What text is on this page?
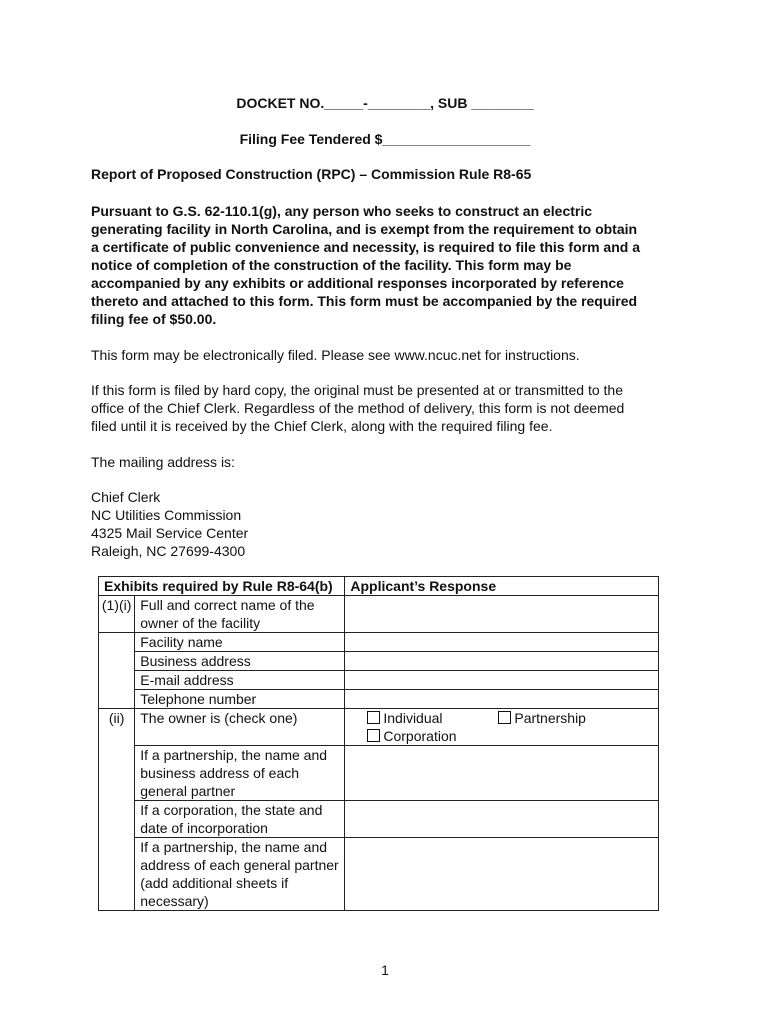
DOCKET NO._____-________, SUB ________
Filing Fee Tendered $___________________
Report of Proposed Construction (RPC) – Commission Rule R8-65
Pursuant to G.S. 62-110.1(g), any person who seeks to construct an electric
generating facility in North Carolina, and is exempt from the requirement to obtain
a certificate of public convenience and necessity, is required to file this form and a
notice of completion of the construction of the facility. This form may be
accompanied by any exhibits or additional responses incorporated by reference
thereto and attached to this form. This form must be accompanied by the required
filing fee of $50.00.
This form may be electronically filed. Please see www.ncuc.net for instructions.
If this form is filed by hard copy, the original must be presented at or transmitted to the
office of the Chief Clerk. Regardless of the method of delivery, this form is not deemed
filed until it is received by the Chief Clerk, along with the required filing fee.
The mailing address is:
Chief Clerk
NC Utilities Commission
4325 Mail Service Center
Raleigh, NC 27699-4300
Exhibits required by Rule R8-64(b)		Applicant’s Response
(1)(i)	Full and correct name of the owner of the facility	
	Facility name	
	Business address	
	E-mail address	
	Telephone number	
(ii)	The owner is (check one)	Individual Partnership
Corporation

	If a partnership, the name and business address of each general partner	
	If a corporation, the state and date of incorporation	
	If a partnership, the name and address of each general partner (add additional sheets if necessary)	
1
